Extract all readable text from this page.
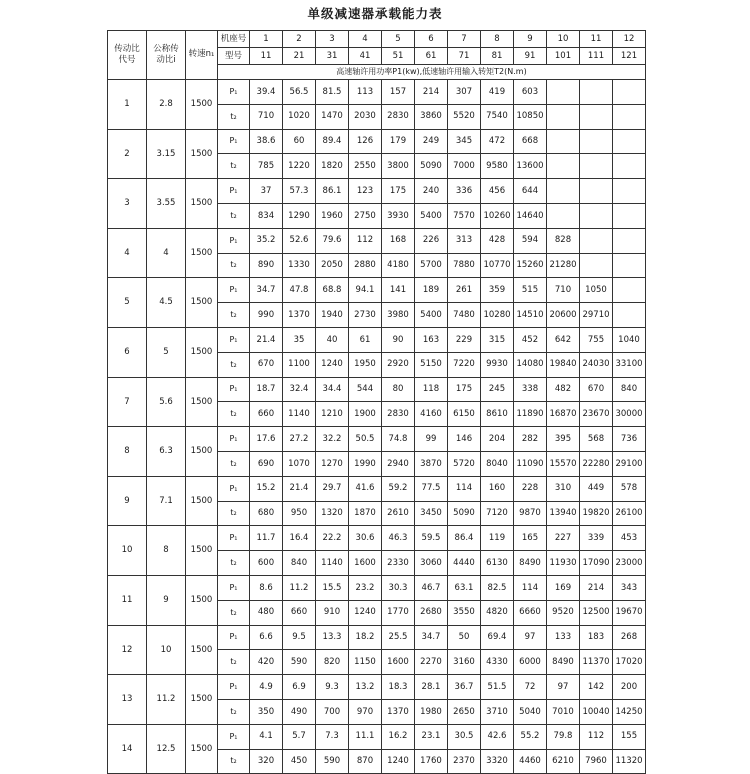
单级减速器承载能力表
传动比
代号	公称传
动比i	转速n₁	机座号	1	2	3	4	5	6	7	8	9	10	11	12
			型号	11	21	31	41	51	61	71	81	91	101	111	121
			高速轴许用功率P1(kw),低速轴许用输入转矩T2(N.m)												
1	2.8	1500	P₁	39.4	56.5	81.5	113	157	214	307	419	603			
			t₂	710	1020	1470	2030	2830	3860	5520	7540	10850			
2	3.15	1500	P₁	38.6	60	89.4	126	179	249	345	472	668			
			t₂	785	1220	1820	2550	3800	5090	7000	9580	13600			
3	3.55	1500	P₁	37	57.3	86.1	123	175	240	336	456	644			
			t₂	834	1290	1960	2750	3930	5400	7570	10260	14640			
4	4	1500	P₁	35.2	52.6	79.6	112	168	226	313	428	594	828		
			t₂	890	1330	2050	2880	4180	5700	7880	10770	15260	21280		
5	4.5	1500	P₁	34.7	47.8	68.8	94.1	141	189	261	359	515	710	1050	
			t₂	990	1370	1940	2730	3980	5400	7480	10280	14510	20600	29710	
6	5	1500	P₁	21.4	35	40	61	90	163	229	315	452	642	755	1040
			t₂	670	1100	1240	1950	2920	5150	7220	9930	14080	19840	24030	33100
7	5.6	1500	P₁	18.7	32.4	34.4	544	80	118	175	245	338	482	670	840
			t₂	660	1140	1210	1900	2830	4160	6150	8610	11890	16870	23670	30000
8	6.3	1500	P₁	17.6	27.2	32.2	50.5	74.8	99	146	204	282	395	568	736
			t₂	690	1070	1270	1990	2940	3870	5720	8040	11090	15570	22280	29100
9	7.1	1500	P₁	15.2	21.4	29.7	41.6	59.2	77.5	114	160	228	310	449	578
			t₂	680	950	1320	1870	2610	3450	5090	7120	9870	13940	19820	26100
10	8	1500	P₁	11.7	16.4	22.2	30.6	46.3	59.5	86.4	119	165	227	339	453
			t₂	600	840	1140	1600	2330	3060	4440	6130	8490	11930	17090	23000
11	9	1500	P₁	8.6	11.2	15.5	23.2	30.3	46.7	63.1	82.5	114	169	214	343
			t₂	480	660	910	1240	1770	2680	3550	4820	6660	9520	12500	19670
12	10	1500	P₁	6.6	9.5	13.3	18.2	25.5	34.7	50	69.4	97	133	183	268
			t₂	420	590	820	1150	1600	2270	3160	4330	6000	8490	11370	17020
13	11.2	1500	P₁	4.9	6.9	9.3	13.2	18.3	28.1	36.7	51.5	72	97	142	200
			t₂	350	490	700	970	1370	1980	2650	3710	5040	7010	10040	14250
14	12.5	1500	P₁	4.1	5.7	7.3	11.1	16.2	23.1	30.5	42.6	55.2	79.8	112	155
			t₂	320	450	590	870	1240	1760	2370	3320	4460	6210	7960	11320
